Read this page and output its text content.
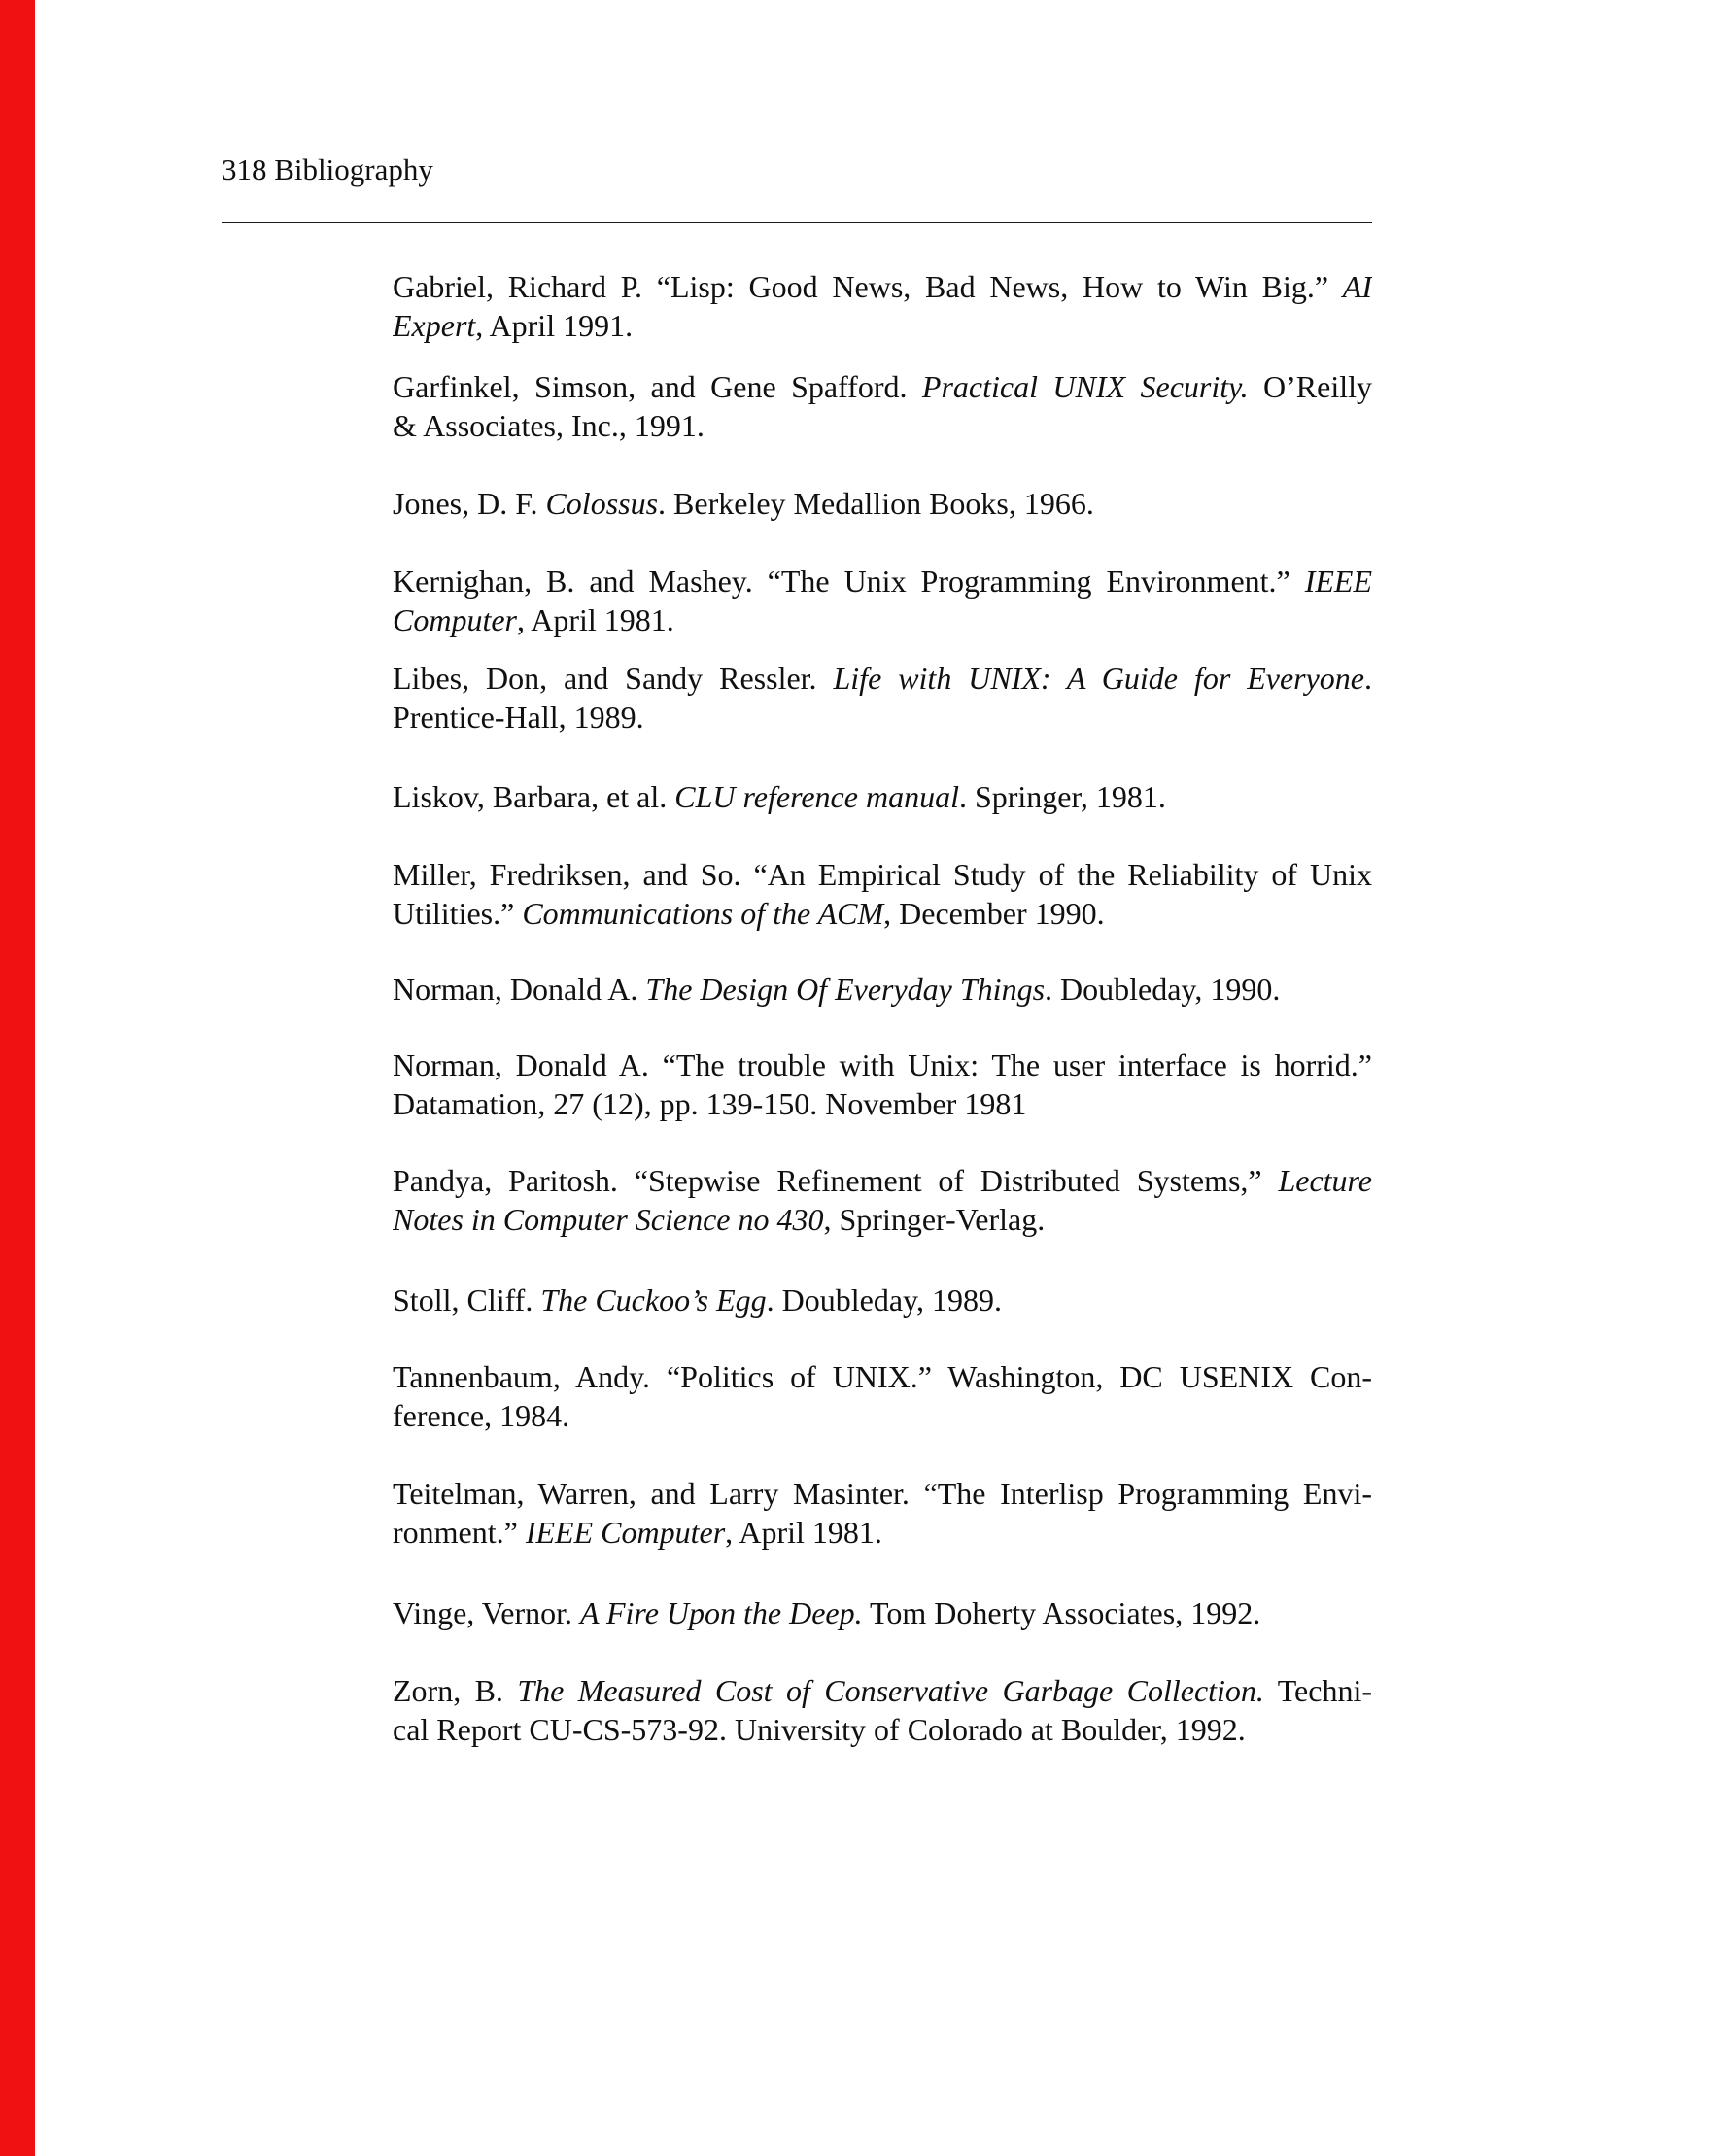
318 Bibliography
Gabriel, Richard P. “Lisp: Good News, Bad News, How to Win Big.” AI
Expert, April 1991.
Garfinkel, Simson, and Gene Spafford. Practical UNIX Security. O’Reilly
& Associates, Inc., 1991.
Jones, D. F. Colossus. Berkeley Medallion Books, 1966.
Kernighan, B. and Mashey. “The Unix Programming Environment.” IEEE
Computer, April 1981.
Libes, Don, and Sandy Ressler. Life with UNIX: A Guide for Everyone.
Prentice-Hall, 1989.
Liskov, Barbara, et al. CLU reference manual. Springer, 1981.
Miller, Fredriksen, and So. “An Empirical Study of the Reliability of Unix
Utilities.” Communications of the ACM, December 1990.
Norman, Donald A. The Design Of Everyday Things. Doubleday, 1990.
Norman, Donald A. “The trouble with Unix: The user interface is horrid.”
Datamation, 27 (12), pp. 139-150. November 1981
Pandya, Paritosh. “Stepwise Refinement of Distributed Systems,” Lecture
Notes in Computer Science no 430, Springer-Verlag.
Stoll, Cliff. The Cuckoo’s Egg. Doubleday, 1989.
Tannenbaum, Andy. “Politics of UNIX.” Washington, DC USENIX Con-
ference, 1984.
Teitelman, Warren, and Larry Masinter. “The Interlisp Programming Envi-
ronment.” IEEE Computer, April 1981.
Vinge, Vernor. A Fire Upon the Deep. Tom Doherty Associates, 1992.
Zorn, B. The Measured Cost of Conservative Garbage Collection. Techni-
cal Report CU-CS-573-92. University of Colorado at Boulder, 1992.
